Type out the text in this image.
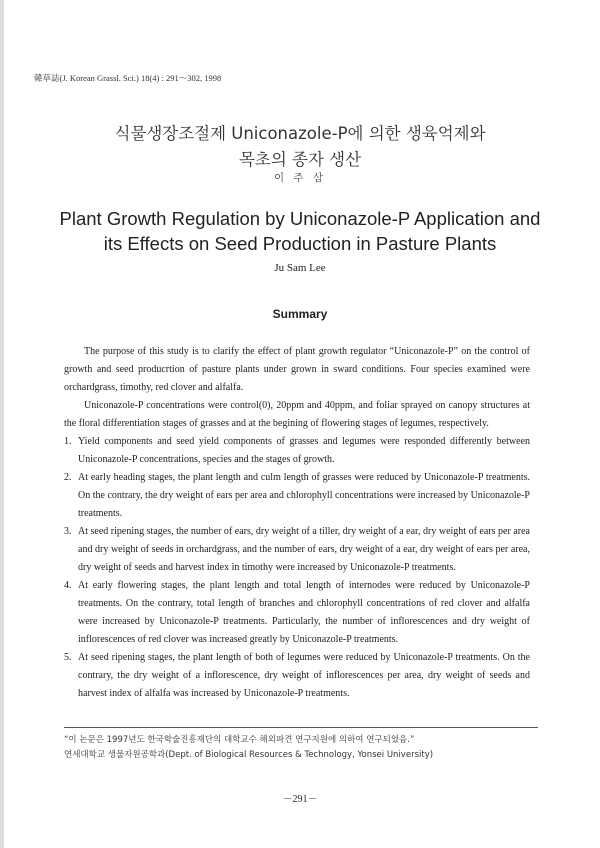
韓草誌(J. Korean Grassl. Sci.) 18(4) : 291～302, 1998
식물생장조절제 Uniconazole-P에 의한 생육억제와
목초의 종자 생산
이 주 삼
Plant Growth Regulation by Uniconazole-P Application and
its Effects on Seed Production in Pasture Plants
Ju Sam Lee
Summary

The purpose of this study is to clarify the effect of plant growth regulator “Uniconazole-P” on the control of growth and seed producrtion of pasture plants under grown in sward conditions. Four species examined were orchardgrass, timothy, red clover and alfalfa.

Uniconazole-P concentrations were control(0), 20ppm and 40ppm, and foliar sprayed on canopy structures at the floral differentiation stages of grasses and at the begining of flowering stages of legumes, respectively.

1. Yield components and seed yield components of grasses and legumes were responded differently between Uniconazole-P concentrations, species and the stages of growth.
2. At early heading stages, the plant length and culm length of grasses were reduced by Uniconazole-P treatments. On the contrary, the dry weight of ears per area and chlorophyll concentrations were increased by Uniconazole-P treatments.
3. At seed ripening stages, the number of ears, dry weight of a tiller, dry weight of a ear, dry weight of ears per area and dry weight of seeds in orchardgrass, and the number of ears, dry weight of a ear, dry weight of ears per area, dry weight of seeds and harvest index in timothy were increased by Uniconazole-P treatments.
4. At early flowering stages, the plant length and total length of internodes were reduced by Uniconazole-P treatments. On the contrary, total length of branches and chlorophyll concentrations of red clover and alfalfa were increased by Uniconazole-P treatments. Particularly, the number of inflorescences and dry weight of inflorescences of red clover was increased greatly by Uniconazole-P treatments.
5. At seed ripening stages, the plant length of both of legumes were reduced by Uniconazole-P treatments. On the contrary, the dry weight of a inflorescence, dry weight of inflorescences per area, dry weight of seeds and harvest index of alfalfa was increased by Uniconazole-P treatments.
“이 논문은 1997년도 한국학술진흥재단의 대학교수 해외파견 연구지원에 의하여 연구되었음.”
연세대학교 생물자원공학과(Dept. of Biological Resources & Technology, Yonsei University)
－291－
